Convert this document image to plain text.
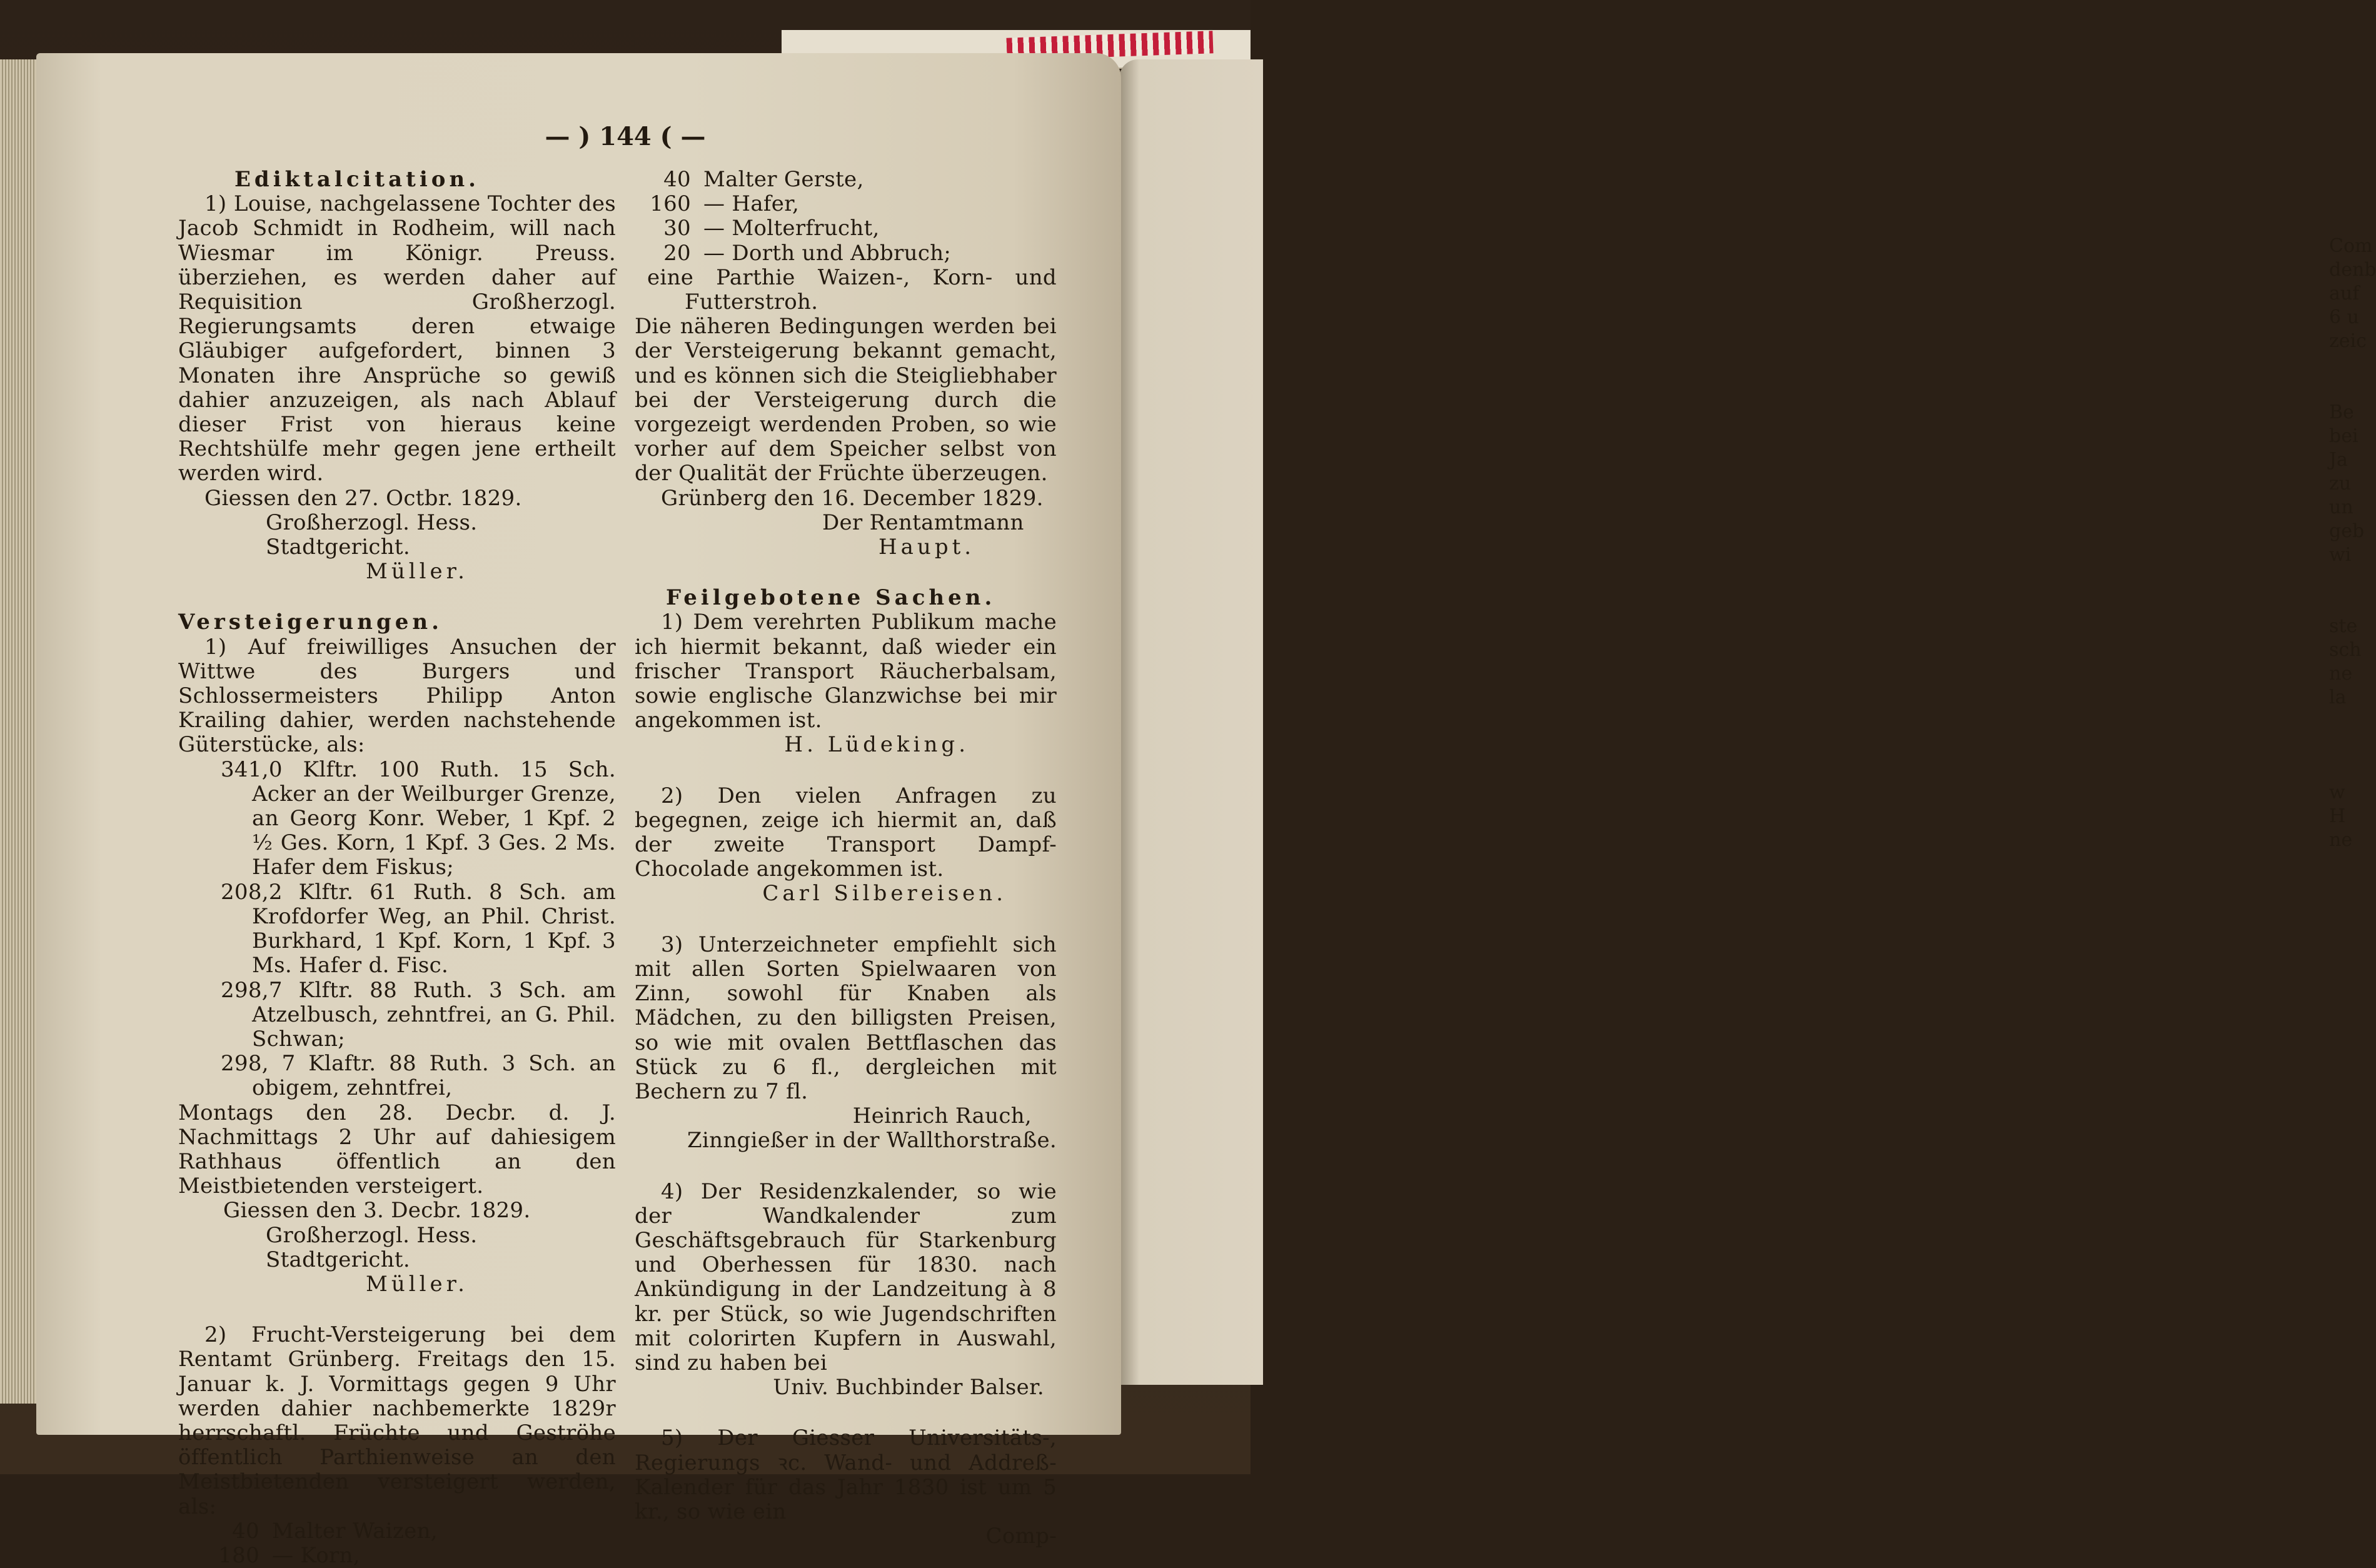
Com
denb
auf
6 u
zeic
Be
bei
Ja
zu
un
geb
wi
ste
sch
ne
la
w
H
ne
— ) 144 ( —

Ediktalcitation.

1) Louise, nachgelassene Tochter des Jacob Schmidt in Rodheim, will nach Wiesmar im Königr. Preuss. überziehen, es werden daher auf Requisition Großherzogl. Regierungsamts deren etwaige Gläubiger aufgefordert, binnen 3 Monaten ihre Ansprüche so gewiß dahier anzuzeigen, als nach Ablauf dieser Frist von hieraus keine Rechtshülfe mehr gegen jene ertheilt werden wird.

Giessen den 27. Octbr. 1829.

Großherzogl. Hess. Stadtgericht.

Müller.

Versteigerungen.

1) Auf freiwilliges Ansuchen der Wittwe des Burgers und Schlossermeisters Philipp Anton Krailing dahier, werden nachstehende Güterstücke, als:

341,0 Klftr. 100 Ruth. 15 Sch. Acker an der Weilburger Grenze, an Georg Konr. Weber, 1 Kpf. 2 ½ Ges. Korn, 1 Kpf. 3 Ges. 2 Ms. Hafer dem Fiskus;

208,2 Klftr. 61 Ruth. 8 Sch. am Krofdorfer Weg, an Phil. Christ. Burkhard, 1 Kpf. Korn, 1 Kpf. 3 Ms. Hafer d. Fisc.

298,7 Klftr. 88 Ruth. 3 Sch. am Atzelbusch, zehntfrei, an G. Phil. Schwan;

298, 7 Klaftr. 88 Ruth. 3 Sch. an obigem, zehntfrei,

Montags den 28. Decbr. d. J. Nachmittags 2 Uhr auf dahiesigem Rathhaus öffentlich an den Meistbietenden versteigert.

Giessen den 3. Decbr. 1829.

Großherzogl. Hess. Stadtgericht.

Müller.

2) Frucht-Versteigerung bei dem Rentamt Grünberg. Freitags den 15. Januar k. J. Vormittags gegen 9 Uhr werden dahier nachbemerkte 1829r herrschaftl. Früchte und Geströhe öffentlich Parthienweise an den Meistbietenden versteigert werden, als:

40 Malter Waizen,

180 — Korn,

40 Malter Gerste,

160 — Hafer,

30 — Molterfrucht,

20 — Dorth und Abbruch;

eine Parthie Waizen-, Korn- und Futterstroh.

Die näheren Bedingungen werden bei der Versteigerung bekannt gemacht, und es können sich die Steigliebhaber bei der Versteigerung durch die vorgezeigt werdenden Proben, so wie vorher auf dem Speicher selbst von der Qualität der Früchte überzeugen.

Grünberg den 16. December 1829.

Der Rentamtmann

Haupt.

Feilgebotene Sachen.

1) Dem verehrten Publikum mache ich hiermit bekannt, daß wieder ein frischer Transport Räucherbalsam, sowie englische Glanzwichse bei mir angekommen ist.

H. Lüdeking.

2) Den vielen Anfragen zu begegnen, zeige ich hiermit an, daß der zweite Transport Dampf-Chocolade angekommen ist.

Carl Silbereisen.

3) Unterzeichneter empfiehlt sich mit allen Sorten Spielwaaren von Zinn, sowohl für Knaben als Mädchen, zu den billigsten Preisen, so wie mit ovalen Bettflaschen das Stück zu 6 fl., dergleichen mit Bechern zu 7 fl.

Heinrich Rauch,

Zinngießer in der Wallthorstraße.

4) Der Residenzkalender, so wie der Wandkalender zum Geschäftsgebrauch für Starkenburg und Oberhessen für 1830. nach Ankündigung in der Landzeitung à 8 kr. per Stück, so wie Jugendschriften mit colorirten Kupfern in Auswahl, sind zu haben bei

Univ. Buchbinder Balser.

5) Der Giesser Universitäts-, Regierungs ꝛc. Wand- und Addreß-Kalender für das Jahr 1830 ist um 5 kr., so wie ein

Comp-
